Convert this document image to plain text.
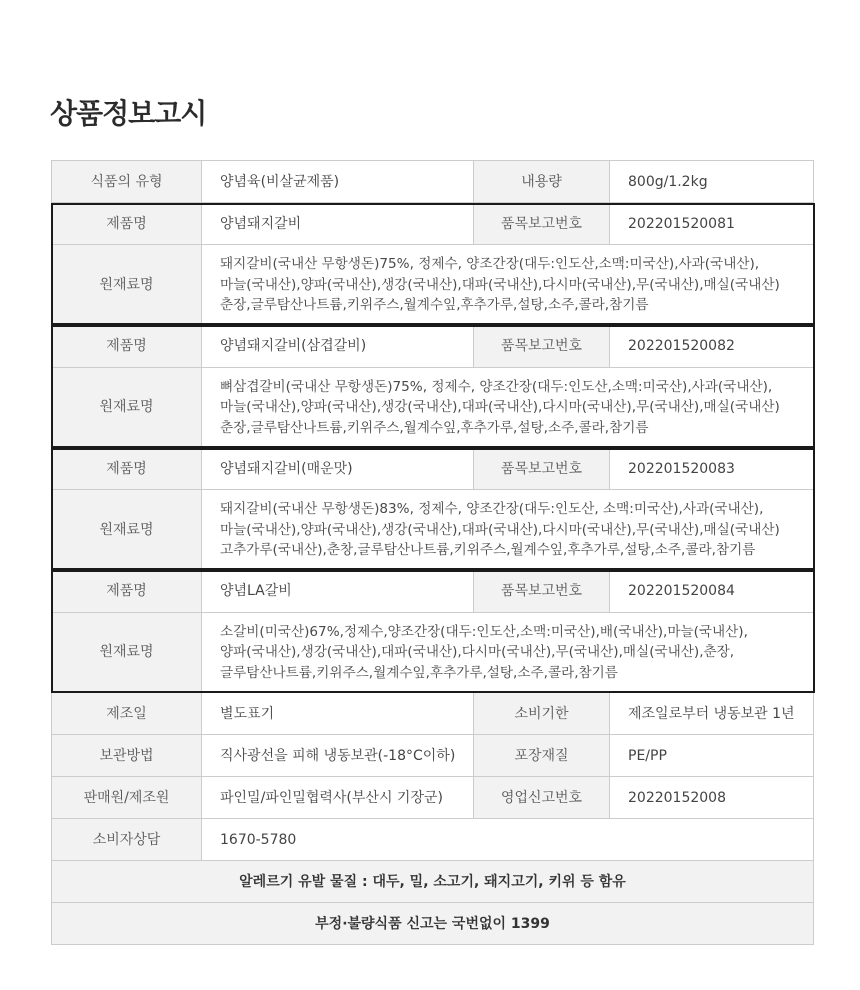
상품정보고시
식품의 유형	양념육(비살균제품)	내용량	800g/1.2kg
제품명	양념돼지갈비	품목보고번호	202201520081
원재료명	돼지갈비(국내산 무항생돈)75%, 정제수, 양조간장(대두:인도산,소맥:미국산),사과(국내산),
마늘(국내산),양파(국내산),생강(국내산),대파(국내산),다시마(국내산),무(국내산),매실(국내산)
춘장,글루탐산나트륨,키위주스,월계수잎,후추가루,설탕,소주,콜라,참기름		

제품명	양념돼지갈비(삼겹갈비)	품목보고번호	202201520082
원재료명	뼈삼겹갈비(국내산 무항생돈)75%, 정제수, 양조간장(대두:인도산,소맥:미국산),사과(국내산),
마늘(국내산),양파(국내산),생강(국내산),대파(국내산),다시마(국내산),무(국내산),매실(국내산)
춘장,글루탐산나트륨,키위주스,월계수잎,후추가루,설탕,소주,콜라,참기름		

제품명	양념돼지갈비(매운맛)	품목보고번호	202201520083
원재료명	돼지갈비(국내산 무항생돈)83%, 정제수, 양조간장(대두:인도산, 소맥:미국산),사과(국내산),
마늘(국내산),양파(국내산),생강(국내산),대파(국내산),다시마(국내산),무(국내산),매실(국내산)
고추가루(국내산),춘창,글루탐산나트륨,키위주스,월계수잎,후추가루,설탕,소주,콜라,참기름		

제품명	양념LA갈비	품목보고번호	202201520084
원재료명	소갈비(미국산)67%,정제수,양조간장(대두:인도산,소맥:미국산),배(국내산),마늘(국내산),
양파(국내산),생강(국내산),대파(국내산),다시마(국내산),무(국내산),매실(국내산),춘장,
글루탐산나트륨,키위주스,월계수잎,후추가루,설탕,소주,콜라,참기름		

제조일	별도표기	소비기한	제조일로부터 냉동보관 1년
보관방법	직사광선을 피해 냉동보관(-18°C이하)	포장재질	PE/PP
판매원/제조원	파인밀/파인밀협력사(부산시 기장군)	영업신고번호	20220152008
소비자상담	1670-5780		
알레르기 유발 물질 : 대두, 밀, 소고기, 돼지고기, 키위 등 함유			
부정·불량식품 신고는 국번없이 1399			
